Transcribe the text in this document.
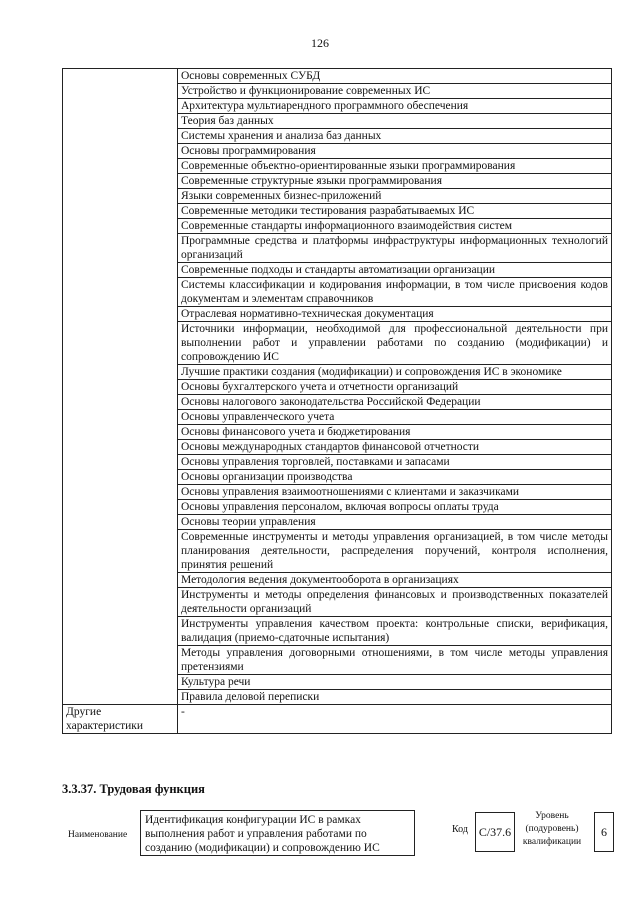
126
	Основы современных СУБД
	Устройство и функционирование современных ИС
	Архитектура мультиарендного программного обеспечения
	Теория баз данных
	Системы хранения и анализа баз данных
	Основы программирования
	Современные объектно-ориентированные языки программирования
	Современные структурные языки программирования
	Языки современных бизнес-приложений
	Современные методики тестирования разрабатываемых ИС
	Современные стандарты информационного взаимодействия систем
	Программные средства и платформы инфраструктуры информационных технологий организаций
	Современные подходы и стандарты автоматизации организации
	Системы классификации и кодирования информации, в том числе присвоения кодов документам и элементам справочников
	Отраслевая нормативно-техническая документация
	Источники информации, необходимой для профессиональной деятельности при выполнении работ и управлении работами по созданию (модификации) и сопровождению ИС
	Лучшие практики создания (модификации) и сопровождения ИС в экономике
	Основы бухгалтерского учета и отчетности организаций
	Основы налогового законодательства Российской Федерации
	Основы управленческого учета
	Основы финансового учета и бюджетирования
	Основы международных стандартов финансовой отчетности
	Основы управления торговлей, поставками и запасами
	Основы организации производства
	Основы управления взаимоотношениями с клиентами и заказчиками
	Основы управления персоналом, включая вопросы оплаты труда
	Основы теории управления
	Современные инструменты и методы управления организацией, в том числе методы планирования деятельности, распределения поручений, контроля исполнения, принятия решений
	Методология ведения документооборота в организациях
	Инструменты и методы определения финансовых и производственных показателей деятельности организаций
	Инструменты управления качеством проекта: контрольные списки, верификация, валидация (приемо-сдаточные испытания)
	Методы управления договорными отношениями, в том числе методы управления претензиями
	Культура речи
	Правила деловой переписки
Другие характеристики	-
3.3.37. Трудовая функция
Наименование
Идентификация конфигурации ИС в рамках выполнения работ и управления работами по созданию (модификации) и сопровождению ИС
Код С/37.6
Уровень (подуровень) квалификации
6
